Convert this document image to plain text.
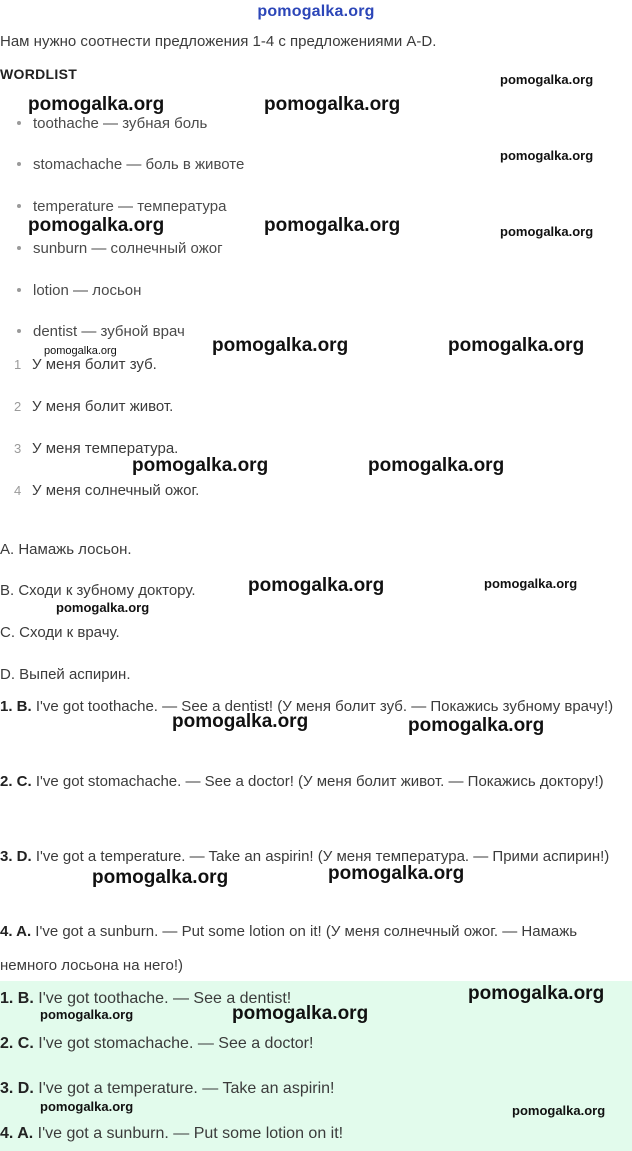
pomogalka.org
Нам нужно соотнести предложения 1-4 с предложениями A-D.
WORDLIST
toothache — зубная боль
stomachache — боль в животе
temperature — температура
sunburn — солнечный ожог
lotion — лосьон
dentist — зубной врач
1 У меня болит зуб.
2 У меня болит живот.
3 У меня температура.
4 У меня солнечный ожог.
A. Намажь лосьон.
B. Сходи к зубному доктору.
C. Сходи к врачу.
D. Выпей аспирин.
1. B. I've got toothache. — See a dentist! (У меня болит зуб. — Покажись зубному врачу!)
2. C. I've got stomachache. — See a doctor! (У меня болит живот. — Покажись доктору!)
3. D. I've got a temperature. — Take an aspirin! (У меня температура. — Прими аспирин!)
4. A. I've got a sunburn. — Put some lotion on it! (У меня солнечный ожог. — Намажь немного лосьона на него!)
1. B. I've got toothache. — See a dentist!
2. C. I've got stomachache. — See a doctor!
3. D. I've got a temperature. — Take an aspirin!
4. A. I've got a sunburn. — Put some lotion on it!
pomogalka.org
pomogalka.org	pomogalka.org
pomogalka.org
pomogalka.org	pomogalka.org	pomogalka.org
pomogalka.org	pomogalka.org	pomogalka.org
pomogalka.org	pomogalka.org
pomogalka.org	pomogalka.org
pomogalka.org
pomogalka.org	pomogalka.org
pomogalka.org	pomogalka.org
pomogalka.org
pomogalka.org	pomogalka.org
pomogalka.org	pomogalka.org
